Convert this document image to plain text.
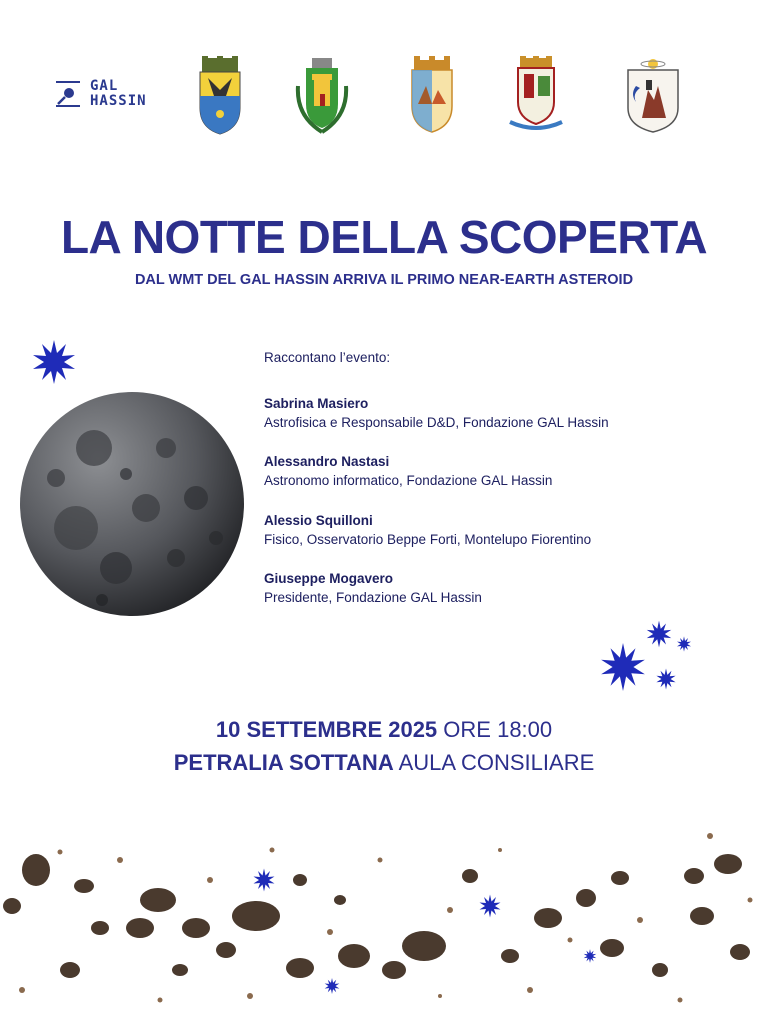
GAL
HASSIN
LA NOTTE DELLA SCOPERTA
DAL WMT DEL GAL HASSIN ARRIVA IL PRIMO NEAR-EARTH ASTEROID
Raccontano l’evento:
Sabrina Masiero
Astrofisica e Responsabile D&D, Fondazione GAL Hassin
Alessandro Nastasi
Astronomo informatico, Fondazione GAL Hassin
Alessio Squilloni
Fisico, Osservatorio Beppe Forti, Montelupo Fiorentino
Giuseppe Mogavero
Presidente, Fondazione GAL Hassin
10 SETTEMBRE 2025 ORE 18:00
PETRALIA SOTTANA AULA CONSILIARE
